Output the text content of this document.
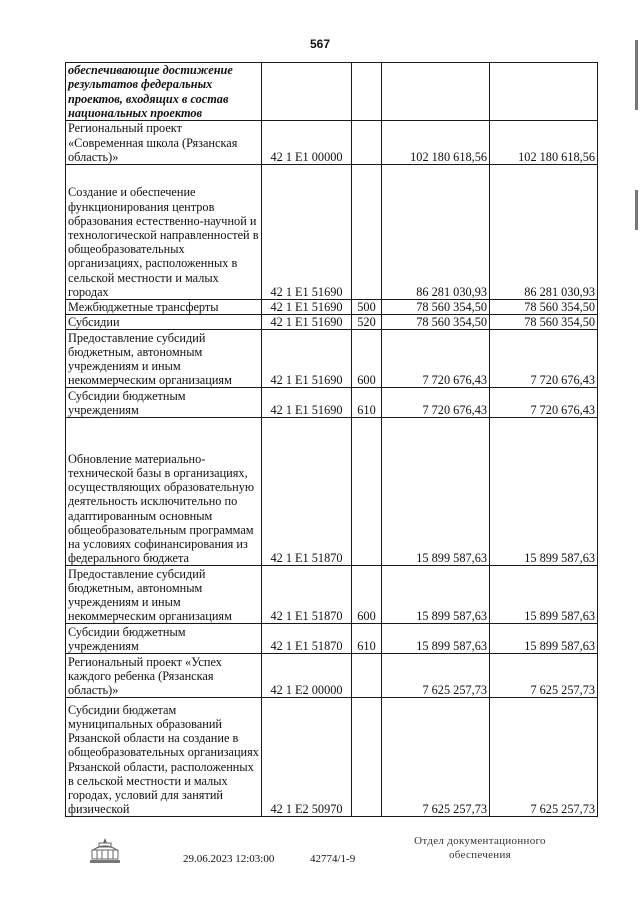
567
обеспечивающие достижение результатов федеральных проектов, входящих в состав национальных проектов				
Региональный проект «Современная школа (Рязанская область)»	42 1 E1 00000		102 180 618,56	102 180 618,56
Создание и обеспечение функционирования центров образования естественно-научной и технологической направленностей в общеобразовательных организациях, расположенных в сельской местности и малых городах	42 1 E1 51690		86 281 030,93	86 281 030,93
Межбюджетные трансферты	42 1 E1 51690	500	78 560 354,50	78 560 354,50
Субсидии	42 1 E1 51690	520	78 560 354,50	78 560 354,50
Предоставление субсидий бюджетным, автономным учреждениям и иным некоммерческим организациям	42 1 E1 51690	600	7 720 676,43	7 720 676,43
Субсидии бюджетным учреждениям	42 1 E1 51690	610	7 720 676,43	7 720 676,43
Обновление материально-технической базы в организациях, осуществляющих образовательную деятельность исключительно по адаптированным основным общеобразовательным программам на условиях софинансирования из федерального бюджета	42 1 E1 51870		15 899 587,63	15 899 587,63
Предоставление субсидий бюджетным, автономным учреждениям и иным некоммерческим организациям	42 1 E1 51870	600	15 899 587,63	15 899 587,63
Субсидии бюджетным учреждениям	42 1 E1 51870	610	15 899 587,63	15 899 587,63
Региональный проект «Успех каждого ребенка (Рязанская область)»	42 1 E2 00000		7 625 257,73	7 625 257,73
Субсидии бюджетам муниципальных образований Рязанской области на создание в общеобразовательных организациях Рязанской области, расположенных в сельской местности и малых городах, условий для занятий физической	42 1 E2 50970		7 625 257,73	7 625 257,73
29.06.2023 12:03:00	42774/1-9
Отдел документационного
обеспечения
